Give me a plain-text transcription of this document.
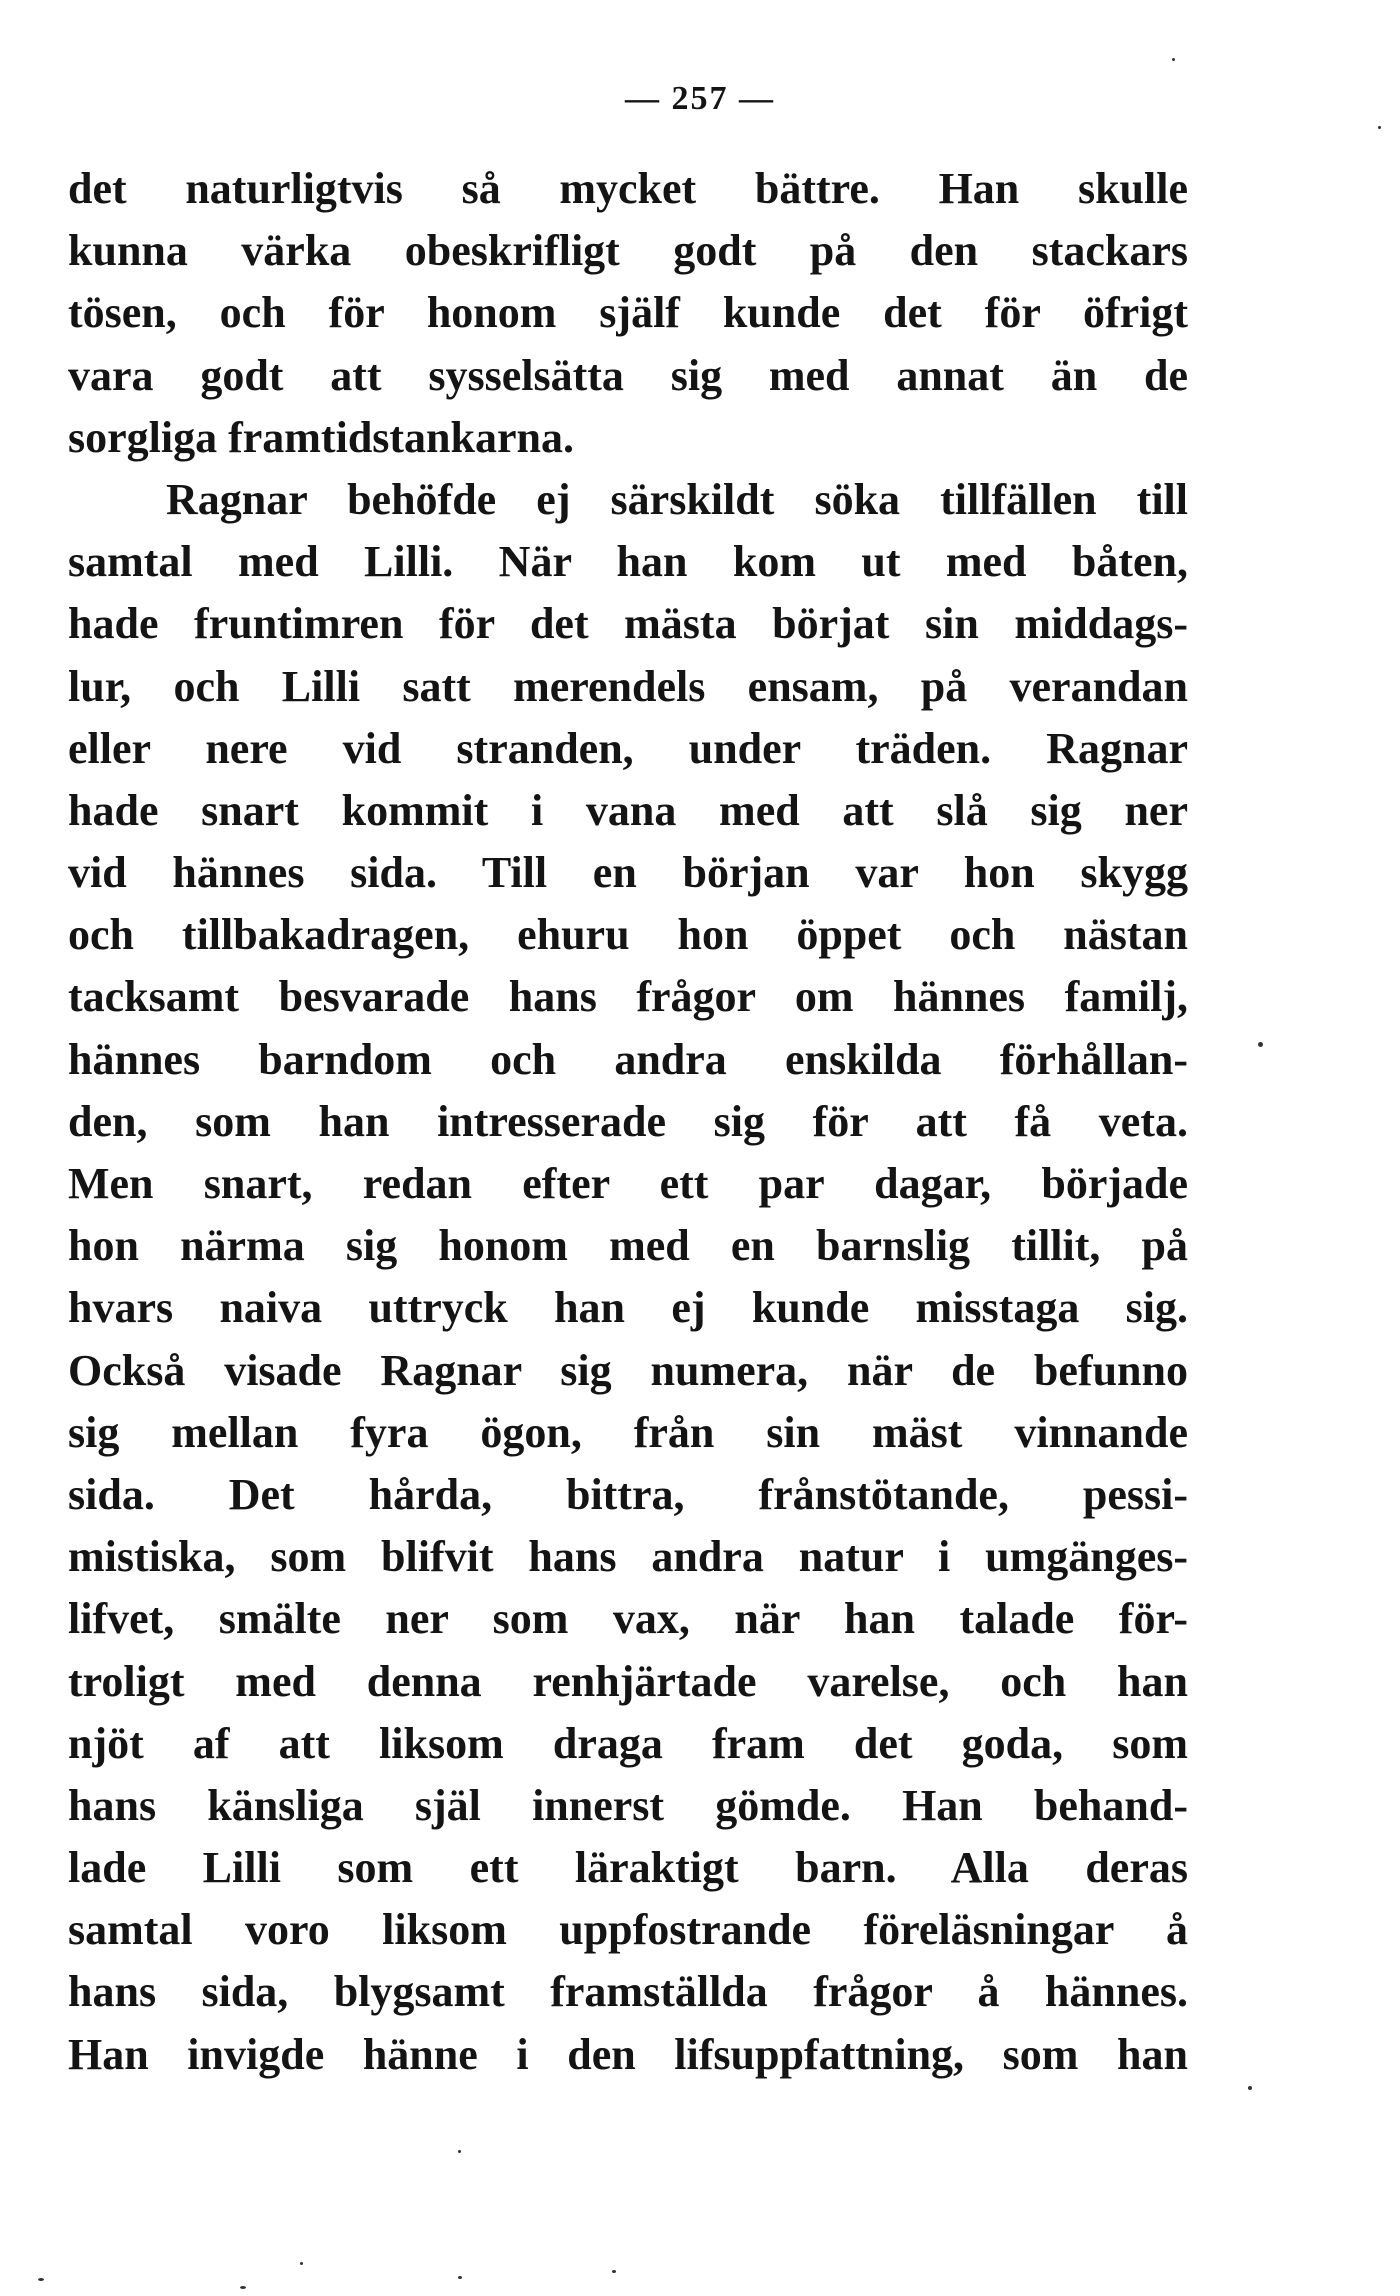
— 257 —
det naturligtvis så mycket bättre. Han skulle
kunna värka obeskrifligt godt på den stackars
tösen, och för honom själf kunde det för öfrigt
vara godt att sysselsätta sig med annat än de
sorgliga framtidstankarna.
Ragnar behöfde ej särskildt söka tillfällen till
samtal med Lilli. När han kom ut med båten,
hade fruntimren för det mästa börjat sin middags-
lur, och Lilli satt merendels ensam, på verandan
eller nere vid stranden, under träden. Ragnar
hade snart kommit i vana med att slå sig ner
vid hännes sida. Till en början var hon skygg
och tillbakadragen, ehuru hon öppet och nästan
tacksamt besvarade hans frågor om hännes familj,
hännes barndom och andra enskilda förhållan-
den, som han intresserade sig för att få veta.
Men snart, redan efter ett par dagar, började
hon närma sig honom med en barnslig tillit, på
hvars naiva uttryck han ej kunde misstaga sig.
Också visade Ragnar sig numera, när de befunno
sig mellan fyra ögon, från sin mäst vinnande
sida. Det hårda, bittra, frånstötande, pessi-
mistiska, som blifvit hans andra natur i umgänges-
lifvet, smälte ner som vax, när han talade för-
troligt med denna renhjärtade varelse, och han
njöt af att liksom draga fram det goda, som
hans känsliga själ innerst gömde. Han behand-
lade Lilli som ett läraktigt barn. Alla deras
samtal voro liksom uppfostrande föreläsningar å
hans sida, blygsamt framställda frågor å hännes.
Han invigde hänne i den lifsuppfattning, som han
